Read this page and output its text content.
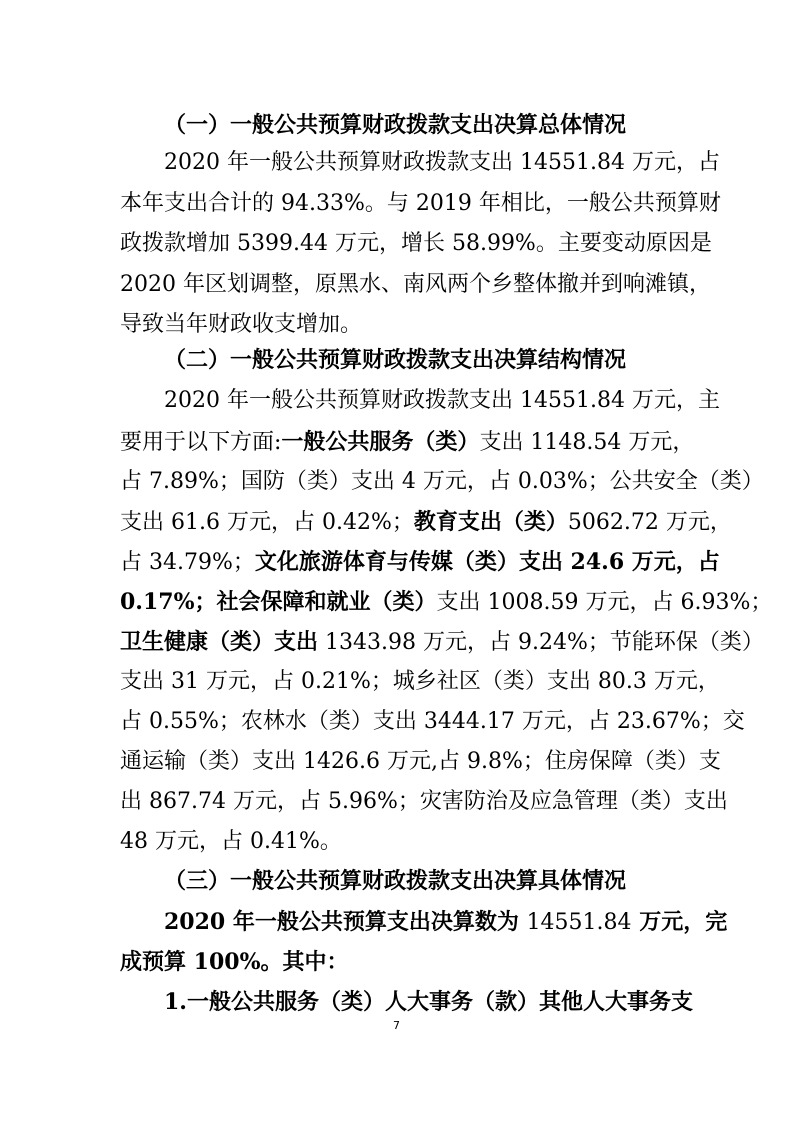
（一）一般公共预算财政拨款支出决算总体情况
2020 年一般公共预算财政拨款支出 14551.84 万元，占
本年支出合计的 94.33%。与 2019 年相比，一般公共预算财
政拨款增加 5399.44 万元，增长 58.99%。主要变动原因是
2020 年区划调整，原黑水、南风两个乡整体撤并到响滩镇，
导致当年财政收支增加。
（二）一般公共预算财政拨款支出决算结构情况
2020 年一般公共预算财政拨款支出 14551.84 万元，主
要用于以下方面:一般公共服务（类）支出 1148.54 万元，
占 7.89%；国防（类）支出 4 万元，占 0.03%；公共安全（类）
支出 61.6 万元，占 0.42%；教育支出（类）5062.72 万元，
占 34.79%；文化旅游体育与传媒（类）支出 24.6 万元，占
0.17%；社会保障和就业（类）支出 1008.59 万元，占 6.93%；
卫生健康（类）支出 1343.98 万元，占 9.24%；节能环保（类）
支出 31 万元，占 0.21%；城乡社区（类）支出 80.3 万元，
占 0.55%；农林水（类）支出 3444.17 万元，占 23.67%；交
通运输（类）支出 1426.6 万元,占 9.8%；住房保障（类）支
出 867.74 万元，占 5.96%；灾害防治及应急管理（类）支出
48 万元，占 0.41%。
（三）一般公共预算财政拨款支出决算具体情况
2020 年一般公共预算支出决算数为 14551.84 万元，完
成预算 100%。其中：
1.一般公共服务（类）人大事务（款）其他人大事务支
7
